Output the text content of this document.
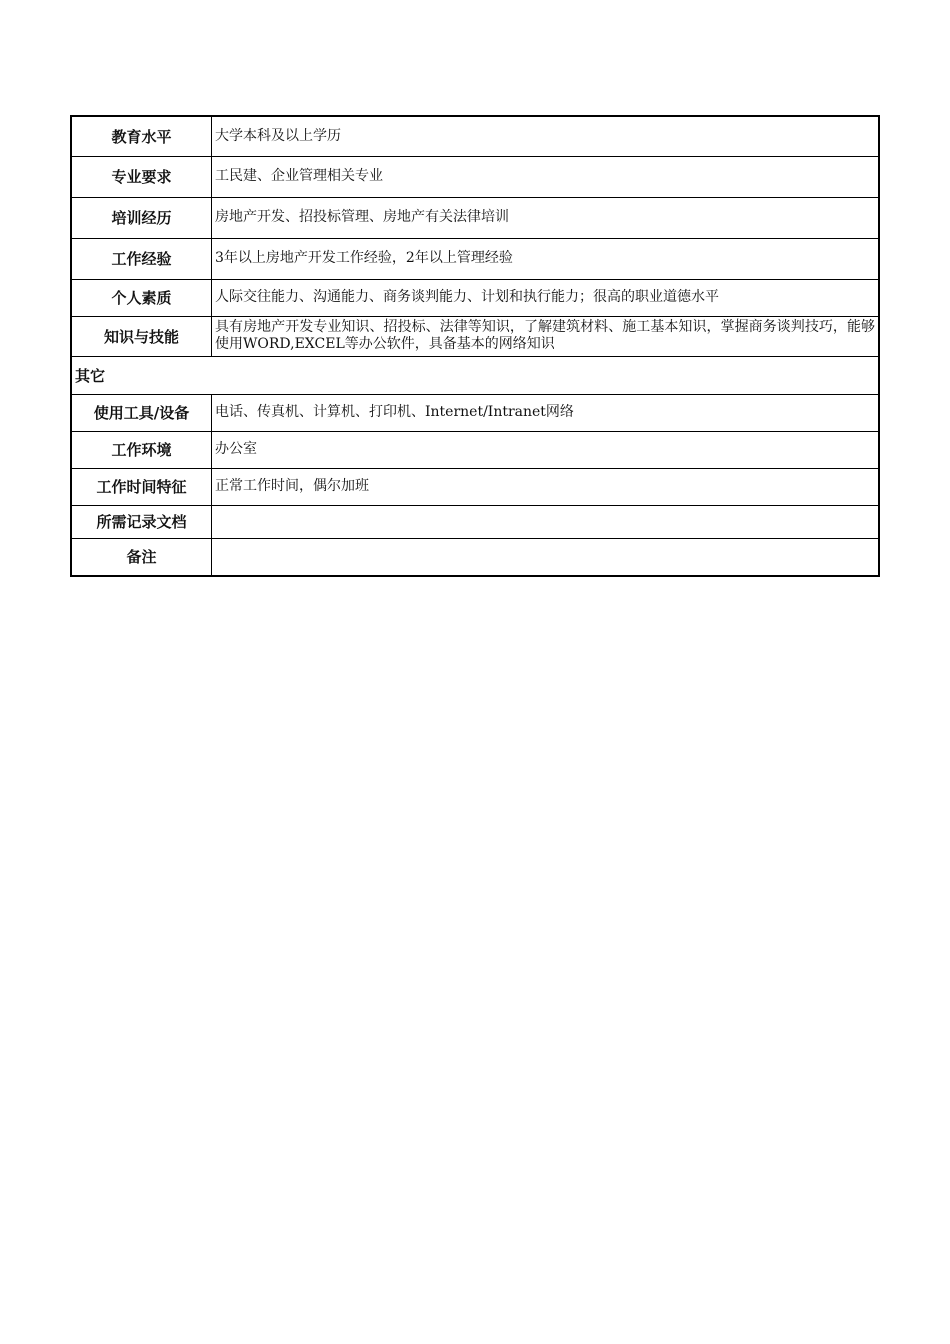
教育水平	大学本科及以上学历
专业要求	工民建、企业管理相关专业
培训经历	房地产开发、招投标管理、房地产有关法律培训
工作经验	3年以上房地产开发工作经验，2年以上管理经验
个人素质	人际交往能力、沟通能力、商务谈判能力、计划和执行能力；很高的职业道德水平
知识与技能	具有房地产开发专业知识、招投标、法律等知识，了解建筑材料、施工基本知识，掌握商务谈判技巧，能够使用WORD,EXCEL等办公软件，具备基本的网络知识
其它	
使用工具/设备	电话、传真机、计算机、打印机、Internet/Intranet网络
工作环境	办公室
工作时间特征	正常工作时间，偶尔加班
所需记录文档	
备注	
